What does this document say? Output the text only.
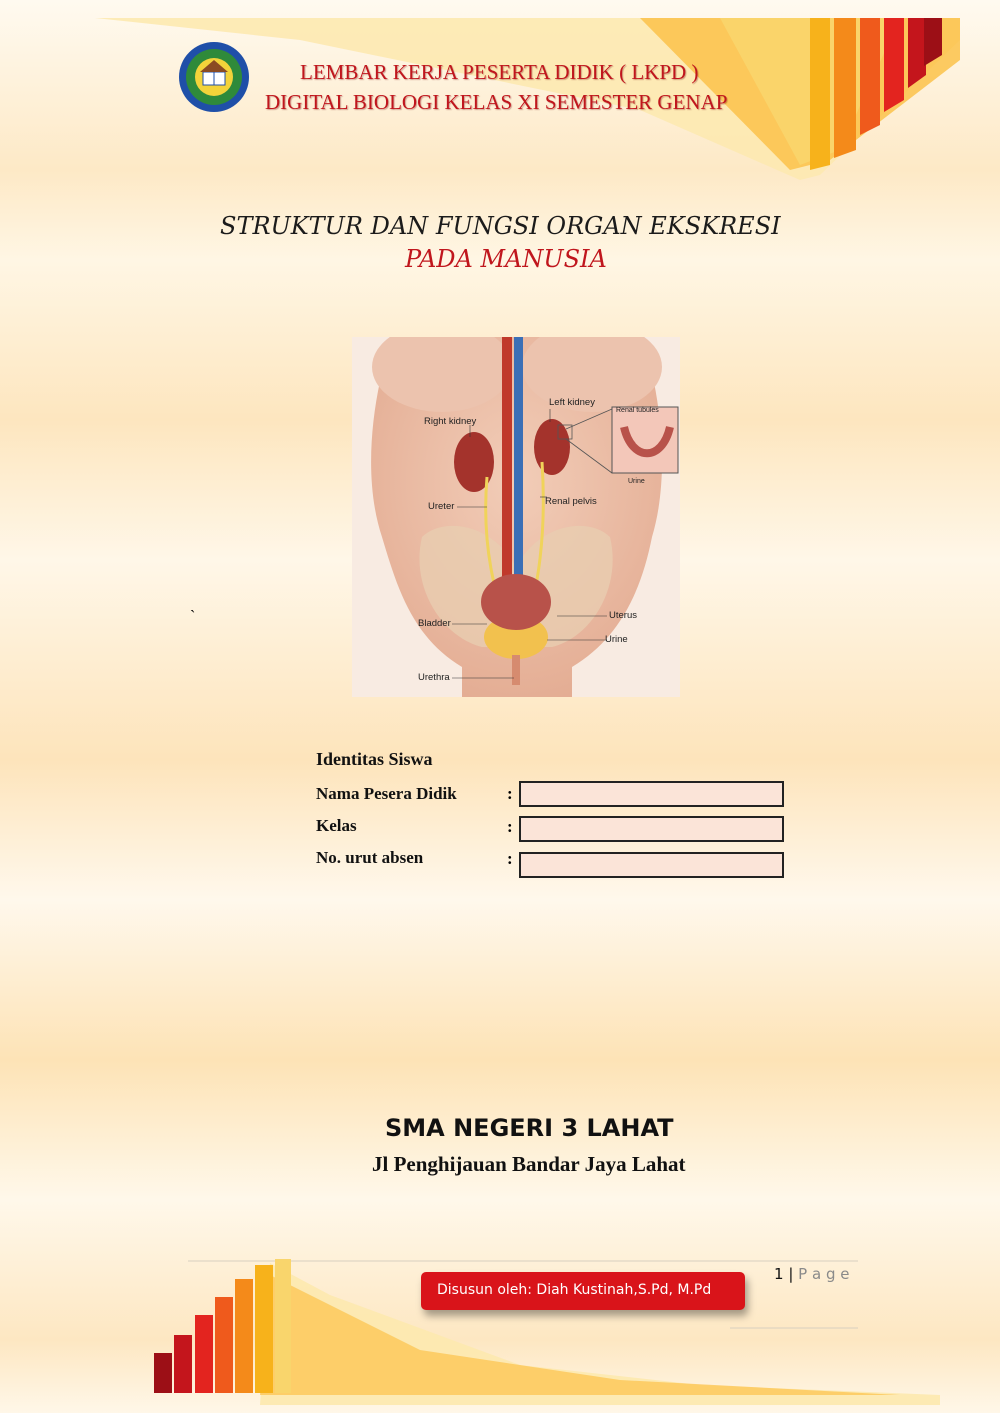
LEMBAR KERJA PESERTA DIDIK ( LKPD )
DIGITAL BIOLOGI KELAS XI SEMESTER GENAP
STRUKTUR DAN FUNGSI ORGAN EKSKRESI
PADA MANUSIA
Right kidney
Left kidney
Renal tubules
Urine
Ureter	Renal pelvis
Uterus
Bladder
Urine
Urethra
`
Identitas Siswa
Nama Pesera Didik	:
Kelas	:
No. urut absen	:
SMA NEGERI 3 LAHAT
Jl Penghijauan Bandar Jaya Lahat
Disusun oleh: Diah Kustinah,S.Pd, M.Pd
1 | P a g e
